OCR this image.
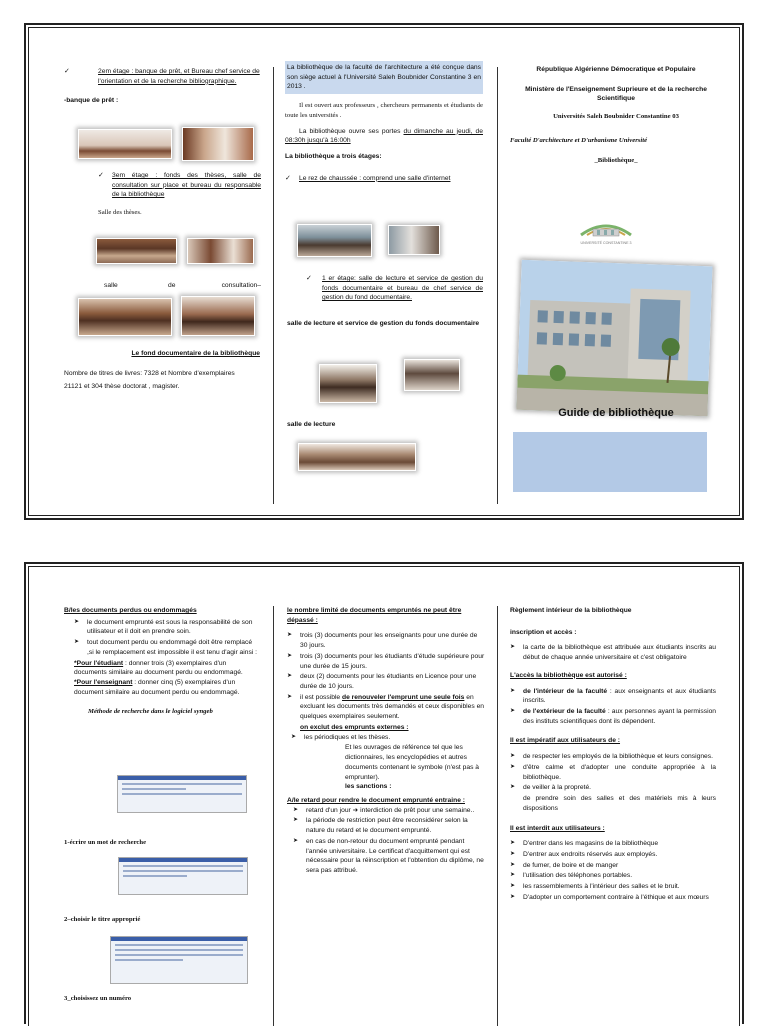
✓ 2em étage : banque de prêt, et Bureau chef service de l'orientation et de la recherche bibliographique.
-banque de prêt :
✓ 3em étage : fonds des thèses, salle de consultation sur place et bureau du responsable de la bibliothèque
Salle des thèses.
salle	de	consultation–
Le fond documentaire de la bibliothèque
Nombre de titres de livres: 7328 et Nombre d'exemplaires
21121 et 304 thèse doctorat , magister.
La bibliothèque de la faculté de l'architecture a été conçue dans son siège actuel à l'Université Saleh Boubnider Constantine 3 en 2013 .
Il est ouvert aux professeurs , chercheurs permanents et étudiants de toute les universités .
La bibliothèque ouvre ses portes du dimanche au jeudi, de 08:30h jusqu'à 16:00h
La bibliothèque a trois étages:
✓ Le rez de chaussée : comprend une salle d'internet
✓ 1 er étage: salle de lecture et service de gestion du fonds documentaire et bureau de chef service de gestion du fond documentaire.
salle de lecture et service de gestion du fonds documentaire
salle de lecture
République Algérienne Démocratique et Populaire
Ministère de l'Enseignement Suprieure et de la recherche Scientifique
Universités Saleh Boubnider Constantine 03
Faculté D'architecture et D'urbanisme Université
_Bibliothèque_
UNIVERSITÉ CONSTANTINE 3
Guide de bibliothèque
B/les documents perdus ou endommagés
➤ le document emprunté est sous la responsabilité de son utilisateur et il doit en prendre soin.
➤ tout document perdu ou endommagé doit être remplacé ,si le remplacement est impossible il est tenu d'agir ainsi :
*Pour l'étudiant : donner trois (3) exemplaires d'un documents similaire au document perdu ou endommagé.
*Pour l'enseignant : donner cinq (5) exemplaires d'un document similaire au document perdu ou endommagé.
Méthode de recherche dans le logiciel syngeb
1-écrire un mot de recherche
2–choisir le titre approprié
3_choisissez un numéro
le nombre limité de documents empruntés ne peut être dépassé :
➤ trois (3) documents pour les enseignants pour une durée de 30 jours.
➤ trois (3) documents pour les étudiants d'étude supérieure pour une durée de 15 jours.
➤ deux (2) documents pour les étudiants en Licence pour une durée de 10 jours.
➤ il est possible de renouveler l'emprunt une seule fois en excluant les documents très demandés et ceux disponibles en quelques exemplaires seulement.
on exclut des emprunts externes :
➤ les périodiques et les thèses.
Et les ouvrages de référence tel que les dictionnaires, les encyclopédies et autres documents contenant le symbole (n'est pas à emprunter).
les sanctions :
A/le retard pour rendre le document emprunté entraine :
➤ retard d'un jour ➜ interdiction de prêt pour une semaine..
➤ la période de restriction peut être reconsidérer selon la nature du retard et le document emprunté.
➤ en cas de non-retour du document emprunté pendant l'année universitaire. Le certificat d'acquittement qui est nécessaire pour la réinscription et l'obtention du diplôme, ne sera pas attribué.
Règlement intérieur de la bibliothèque
inscription et accès :
➤ la carte de la bibliothèque est attribuée aux étudiants inscrits au début de chaque année universitaire et c'est obligatoire
L'accès la bibliothèque est autorisé :
➤ de l'intérieur de la faculté : aux enseignants et aux étudiants inscrits.
➤ de l'extérieur de la faculté : aux personnes ayant la permission des instituts scientifiques dont ils dépendent.
Il est impératif aux utilisateurs de :
➤ de respecter les employés de la bibliothèque et leurs consignes.
➤ d'être calme et d'adopter une conduite appropriée à la bibliothèque.
➤ de veiller à la propreté.
de prendre soin des salles et des matériels mis à leurs dispositions
Il est interdit aux utilisateurs :
➤ D'entrer dans les magasins de la bibliothèque
➤ D'entrer aux endroits réservés aux employés.
➤ de fumer, de boire et de manger
➤ l'utilisation des téléphones portables.
➤ les rassemblements à l'intérieur des salles et le bruit.
➤ D'adopter un comportement contraire à l'éthique et aux mœurs
